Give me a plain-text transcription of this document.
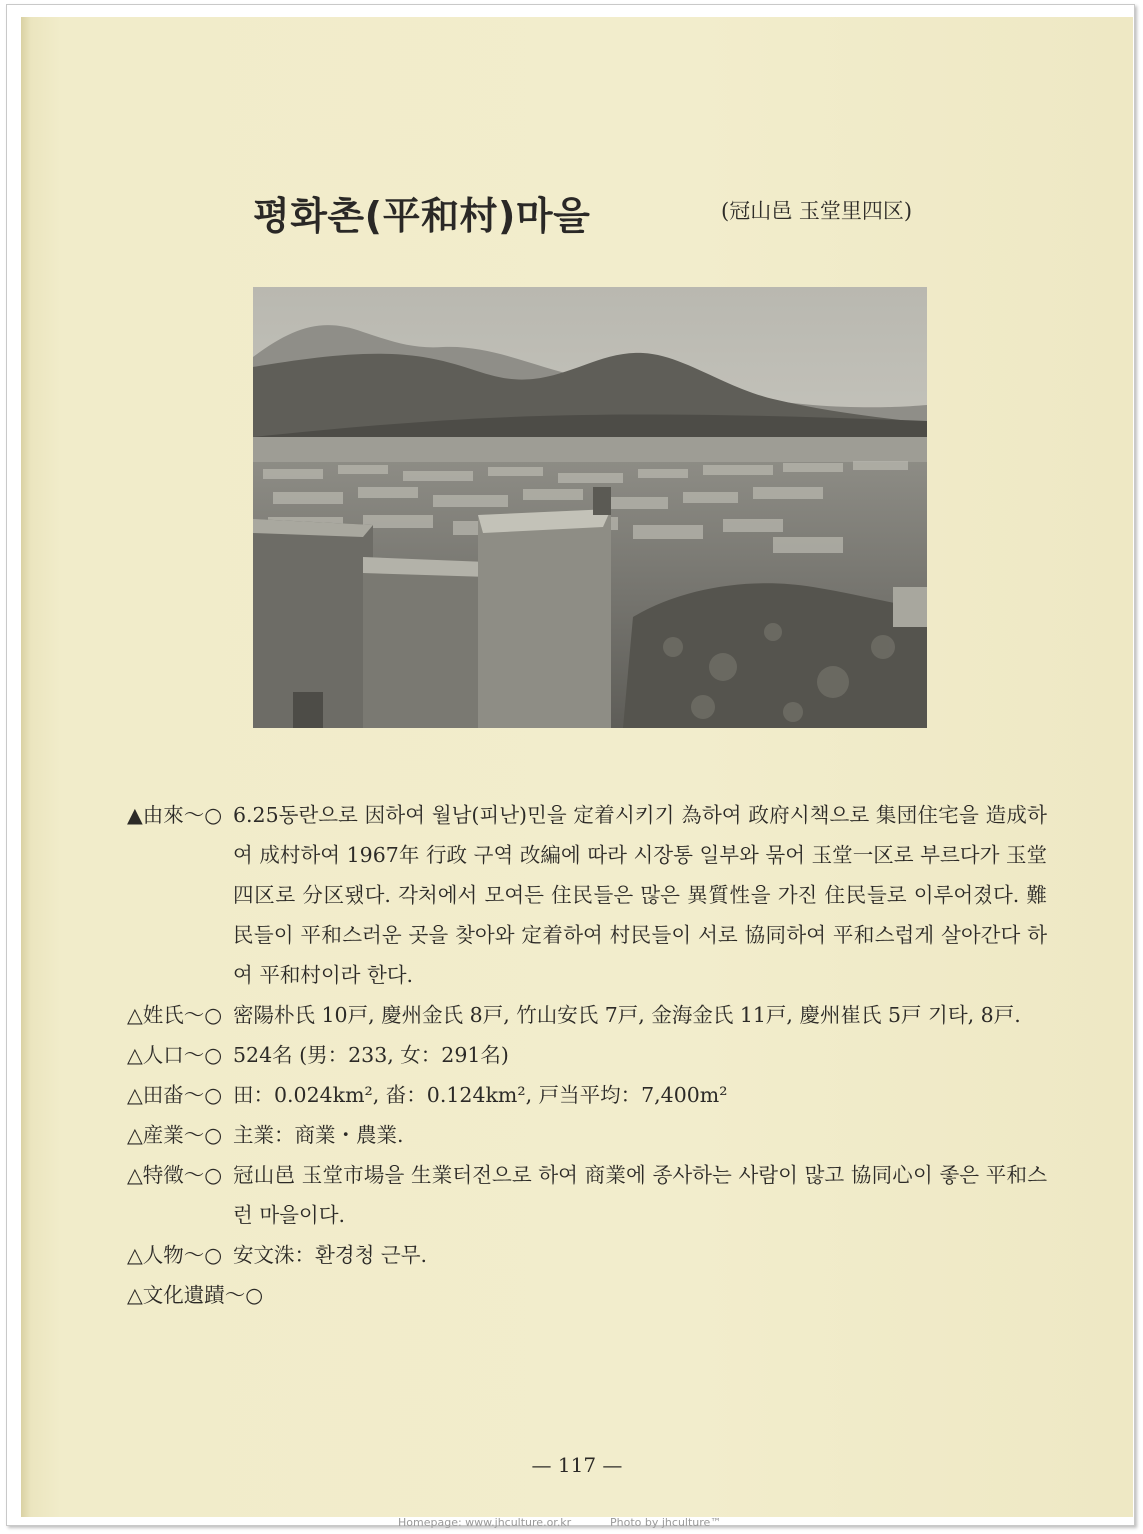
평화촌(平和村)마을	(冠山邑 玉堂里四区)
▲由來～○ 6.25동란으로 因하여 월남(피난)민을 定着시키기 為하여 政府시책으로 集団住宅을 造成하여 成村하여 1967年 行政 구역 改編에 따라 시장통 일부와 묶어 玉堂一区로 부르다가 玉堂四区로 分区됐다. 각처에서 모여든 住民들은 많은 異質性을 가진 住民들로 이루어졌다. 難民들이 平和스러운 곳을 찾아와 定着하여 村民들이 서로 協同하여 平和스럽게 살아간다 하여 平和村이라 한다.
△姓氏～○ 密陽朴氏 10戸, 慶州金氏 8戸, 竹山安氏 7戸, 金海金氏 11戸, 慶州崔氏 5戸 기타, 8戸.
△人口～○ 524名 (男：233, 女：291名)
△田畓～○ 田：0.024km², 畓：0.124km², 戸当平均：7,400m²
△産業～○ 主業：商業・農業.
△特徵～○ 冠山邑 玉堂市場을 生業터전으로 하여 商業에 종사하는 사람이 많고 協同心이 좋은 平和스런 마을이다.
△人物～○ 安文洙：환경청 근무.
△文化遺蹟～○
— 117 —
Homepage: www.jhculture.or.kr	Photo by jhculture™
